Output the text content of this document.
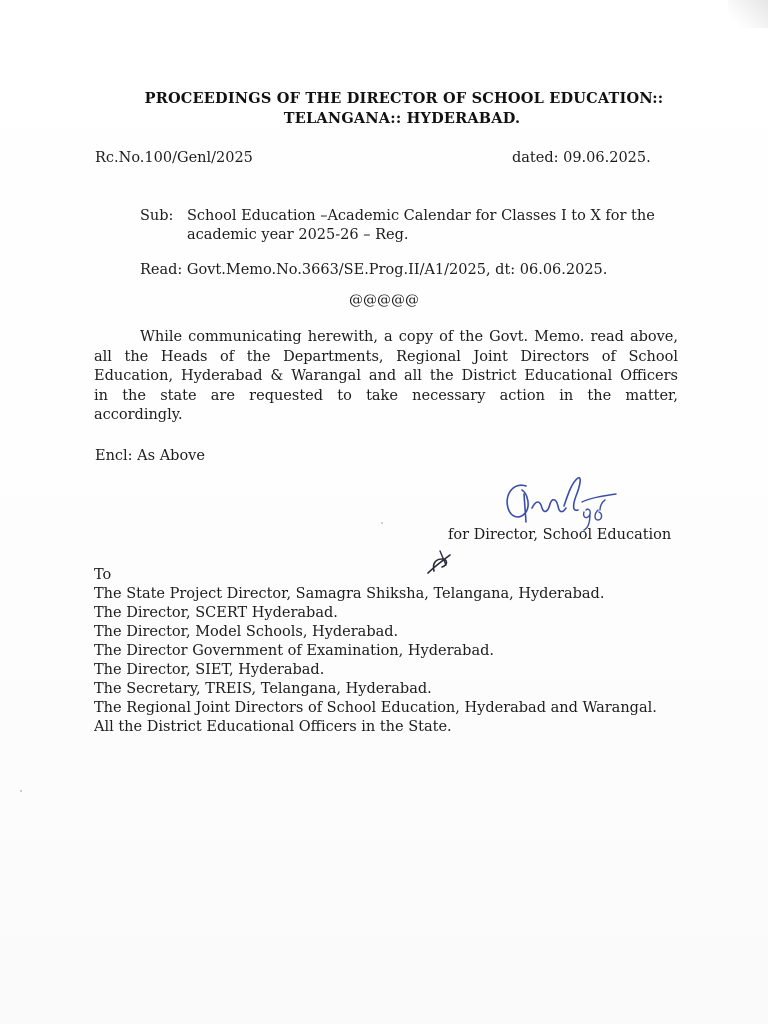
PROCEEDINGS OF THE DIRECTOR OF SCHOOL EDUCATION::
TELANGANA:: HYDERABAD.
Rc.No.100/Genl/2025	dated: 09.06.2025.
Sub: School Education –Academic Calendar for Classes I to X for the
academic year 2025-26 – Reg.
Read: Govt.Memo.No.3663/SE.Prog.II/A1/2025, dt: 06.06.2025.
@@@@@
While communicating herewith, a copy of the Govt. Memo. read above,
all the Heads of the Departments, Regional Joint Directors of School
Education, Hyderabad & Warangal and all the District Educational Officers
in the state are requested to take necessary action in the matter,
accordingly.
Encl: As Above
for Director, School Education
To
The State Project Director, Samagra Shiksha, Telangana, Hyderabad.
The Director, SCERT Hyderabad.
The Director, Model Schools, Hyderabad.
The Director Government of Examination, Hyderabad.
The Director, SIET, Hyderabad.
The Secretary, TREIS, Telangana, Hyderabad.
The Regional Joint Directors of School Education, Hyderabad and Warangal.
All the District Educational Officers in the State.
